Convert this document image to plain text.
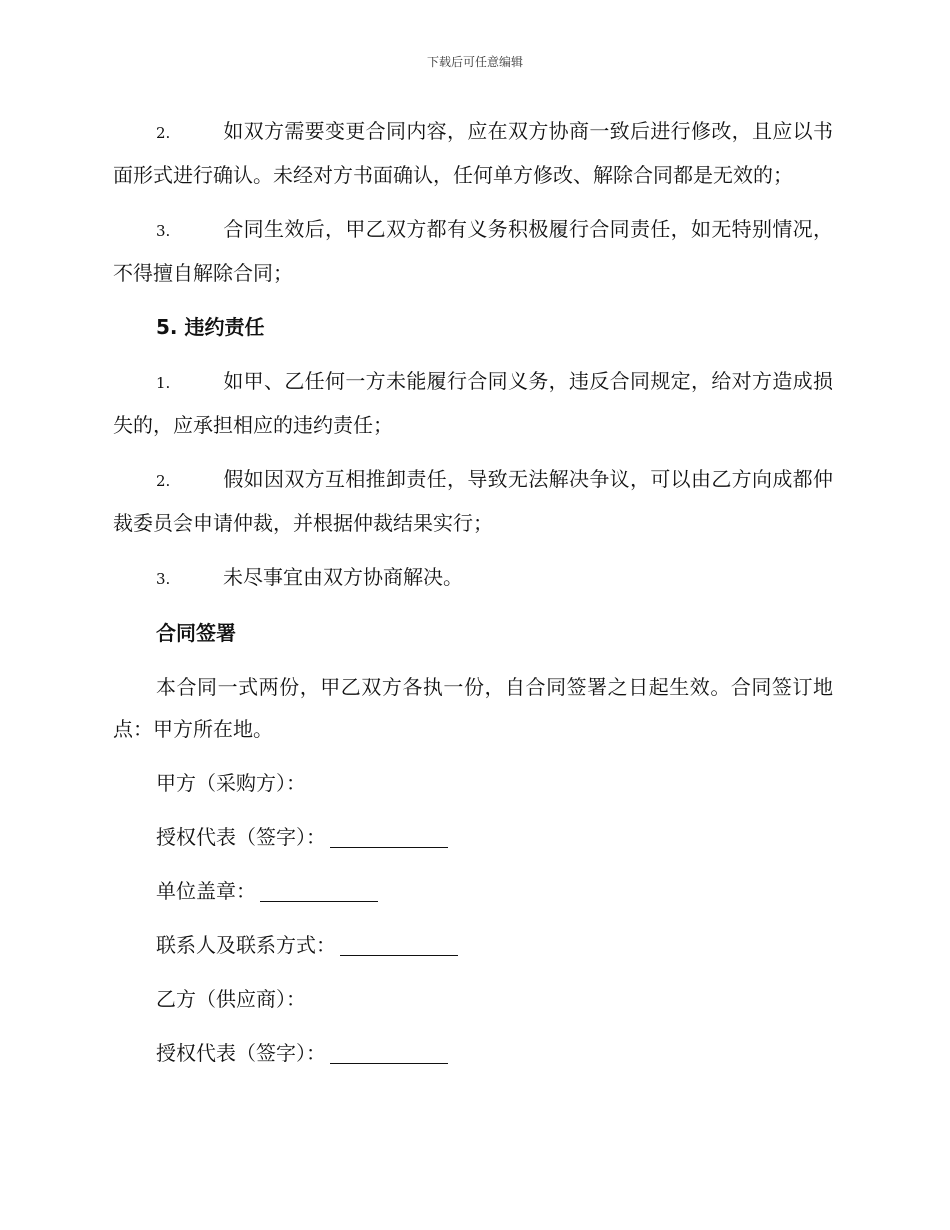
下载后可任意编辑

2.	如双方需要变更合同内容，应在双方协商一致后进行修改，且应以书面形式进行确认。未经对方书面确认，任何单方修改、解除合同都是无效的；

3.	合同生效后，甲乙双方都有义务积极履行合同责任，如无特别情况，不得擅自解除合同；

5. 违约责任

1.	如甲、乙任何一方未能履行合同义务，违反合同规定，给对方造成损失的，应承担相应的违约责任；

2.	假如因双方互相推卸责任，导致无法解决争议，可以由乙方向成都仲裁委员会申请仲裁，并根据仲裁结果实行；

3.	未尽事宜由双方协商解决。

合同签署

本合同一式两份，甲乙双方各执一份，自合同签署之日起生效。合同签订地点：甲方所在地。

甲方（采购方）：
授权代表（签字）：
单位盖章：
联系人及联系方式：
乙方（供应商）：
授权代表（签字）：
